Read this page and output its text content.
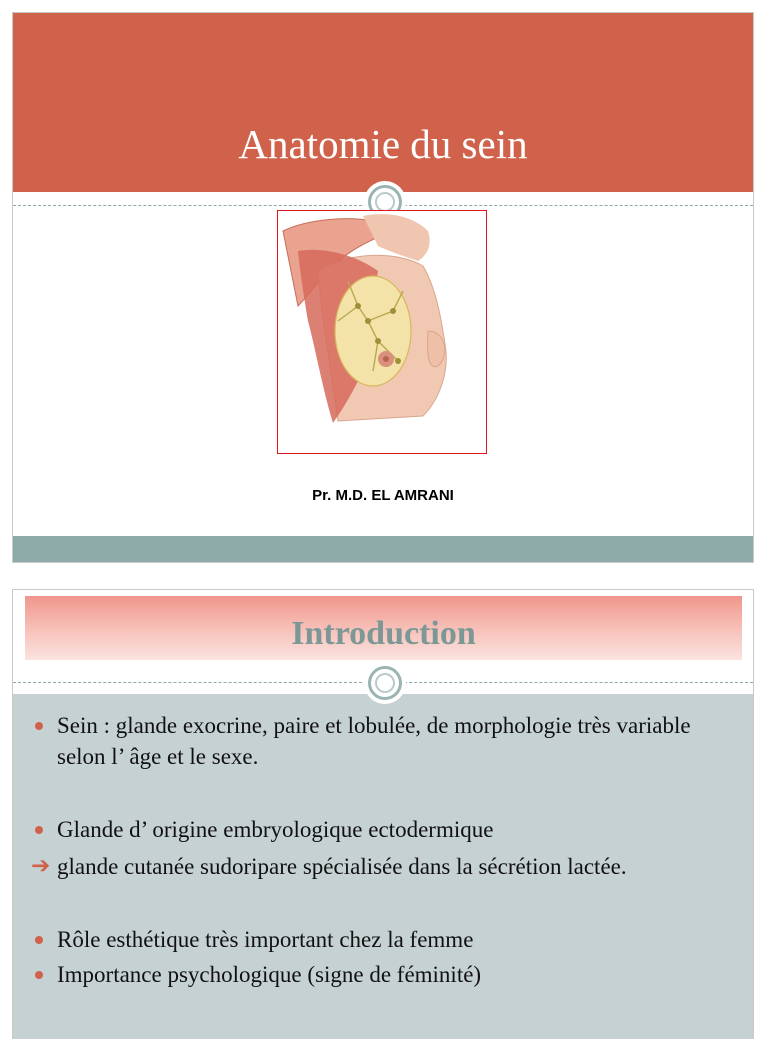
Anatomie du sein
Pr. M.D. EL AMRANI
Introduction
Sein : glande exocrine, paire et lobulée, de morphologie très variable selon l’ âge et le sexe.
Glande d’ origine embryologique ectodermique
➔ glande cutanée sudoripare spécialisée dans la sécrétion lactée.
Rôle esthétique très important chez la femme
Importance psychologique (signe de féminité)
